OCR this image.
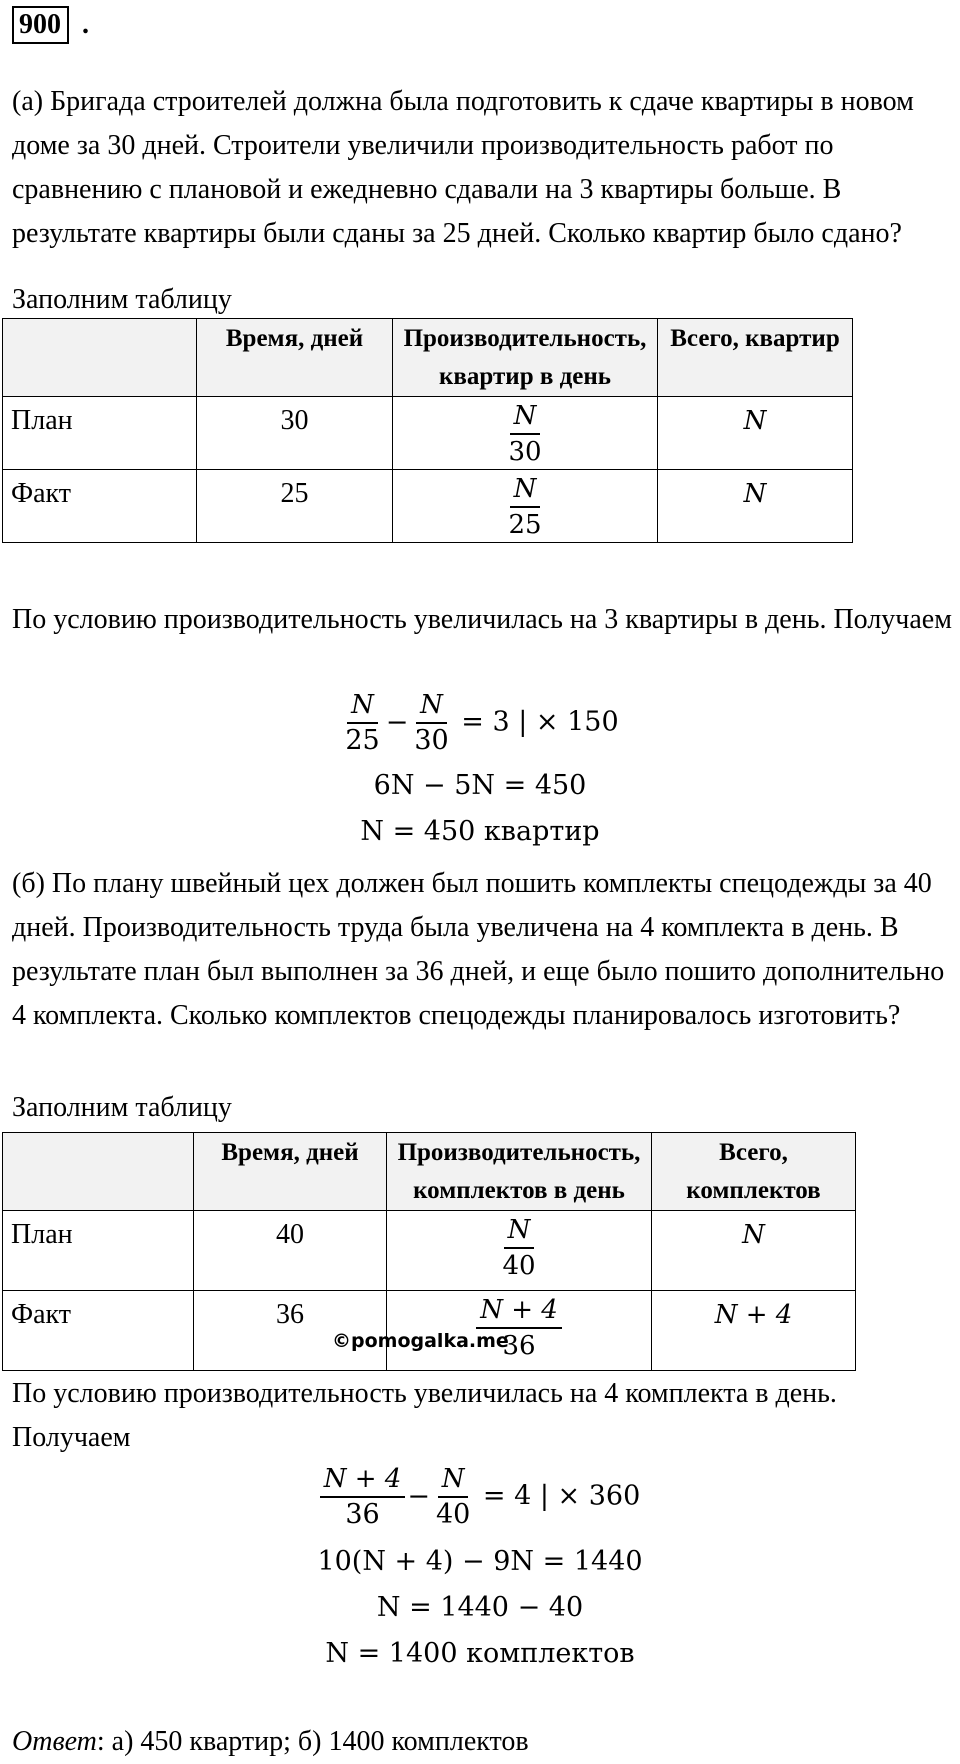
900 .

(а) Бригада строителей должна была подготовить к сдаче квартиры в новом доме за 30 дней. Строители увеличили производительность работ по сравнению с плановой и ежедневно сдавали на 3 квартиры больше. В результате квартиры были сданы за 25 дней. Сколько квартир было сдано?

Заполним таблицу

	Время, дней	Производительность, квартир в день	Всего, квартир
План	30	$\frac{N}{30}$	N
Факт	25	$\frac{N}{25}$	N

По условию производительность увеличилась на 3 квартиры в день. Получаем

$\frac{N}{25} - \frac{N}{30} = 3$ | × 150
6N − 5N = 450
N = 450 квартир

(б) По плану швейный цех должен был пошить комплекты спецодежды за 40 дней. Производительность труда была увеличена на 4 комплекта в день. В результате план был выполнен за 36 дней, и еще было пошито дополнительно 4 комплекта. Сколько комплектов спецодежды планировалось изготовить?

Заполним таблицу

	Время, дней	Производительность, комплектов в день	Всего, комплектов
План	40	$\frac{N}{40}$	N
Факт	36	$\frac{N + 4}{36}$	N + 4
©pomogalka.me

По условию производительность увеличилась на 4 комплекта в день. Получаем

$\frac{N + 4}{36} - \frac{N}{40} = 4$ | × 360
10(N + 4) − 9N = 1440
N = 1440 − 40
N = 1400 комплектов

Ответ: а) 450 квартир; б) 1400 комплектов
